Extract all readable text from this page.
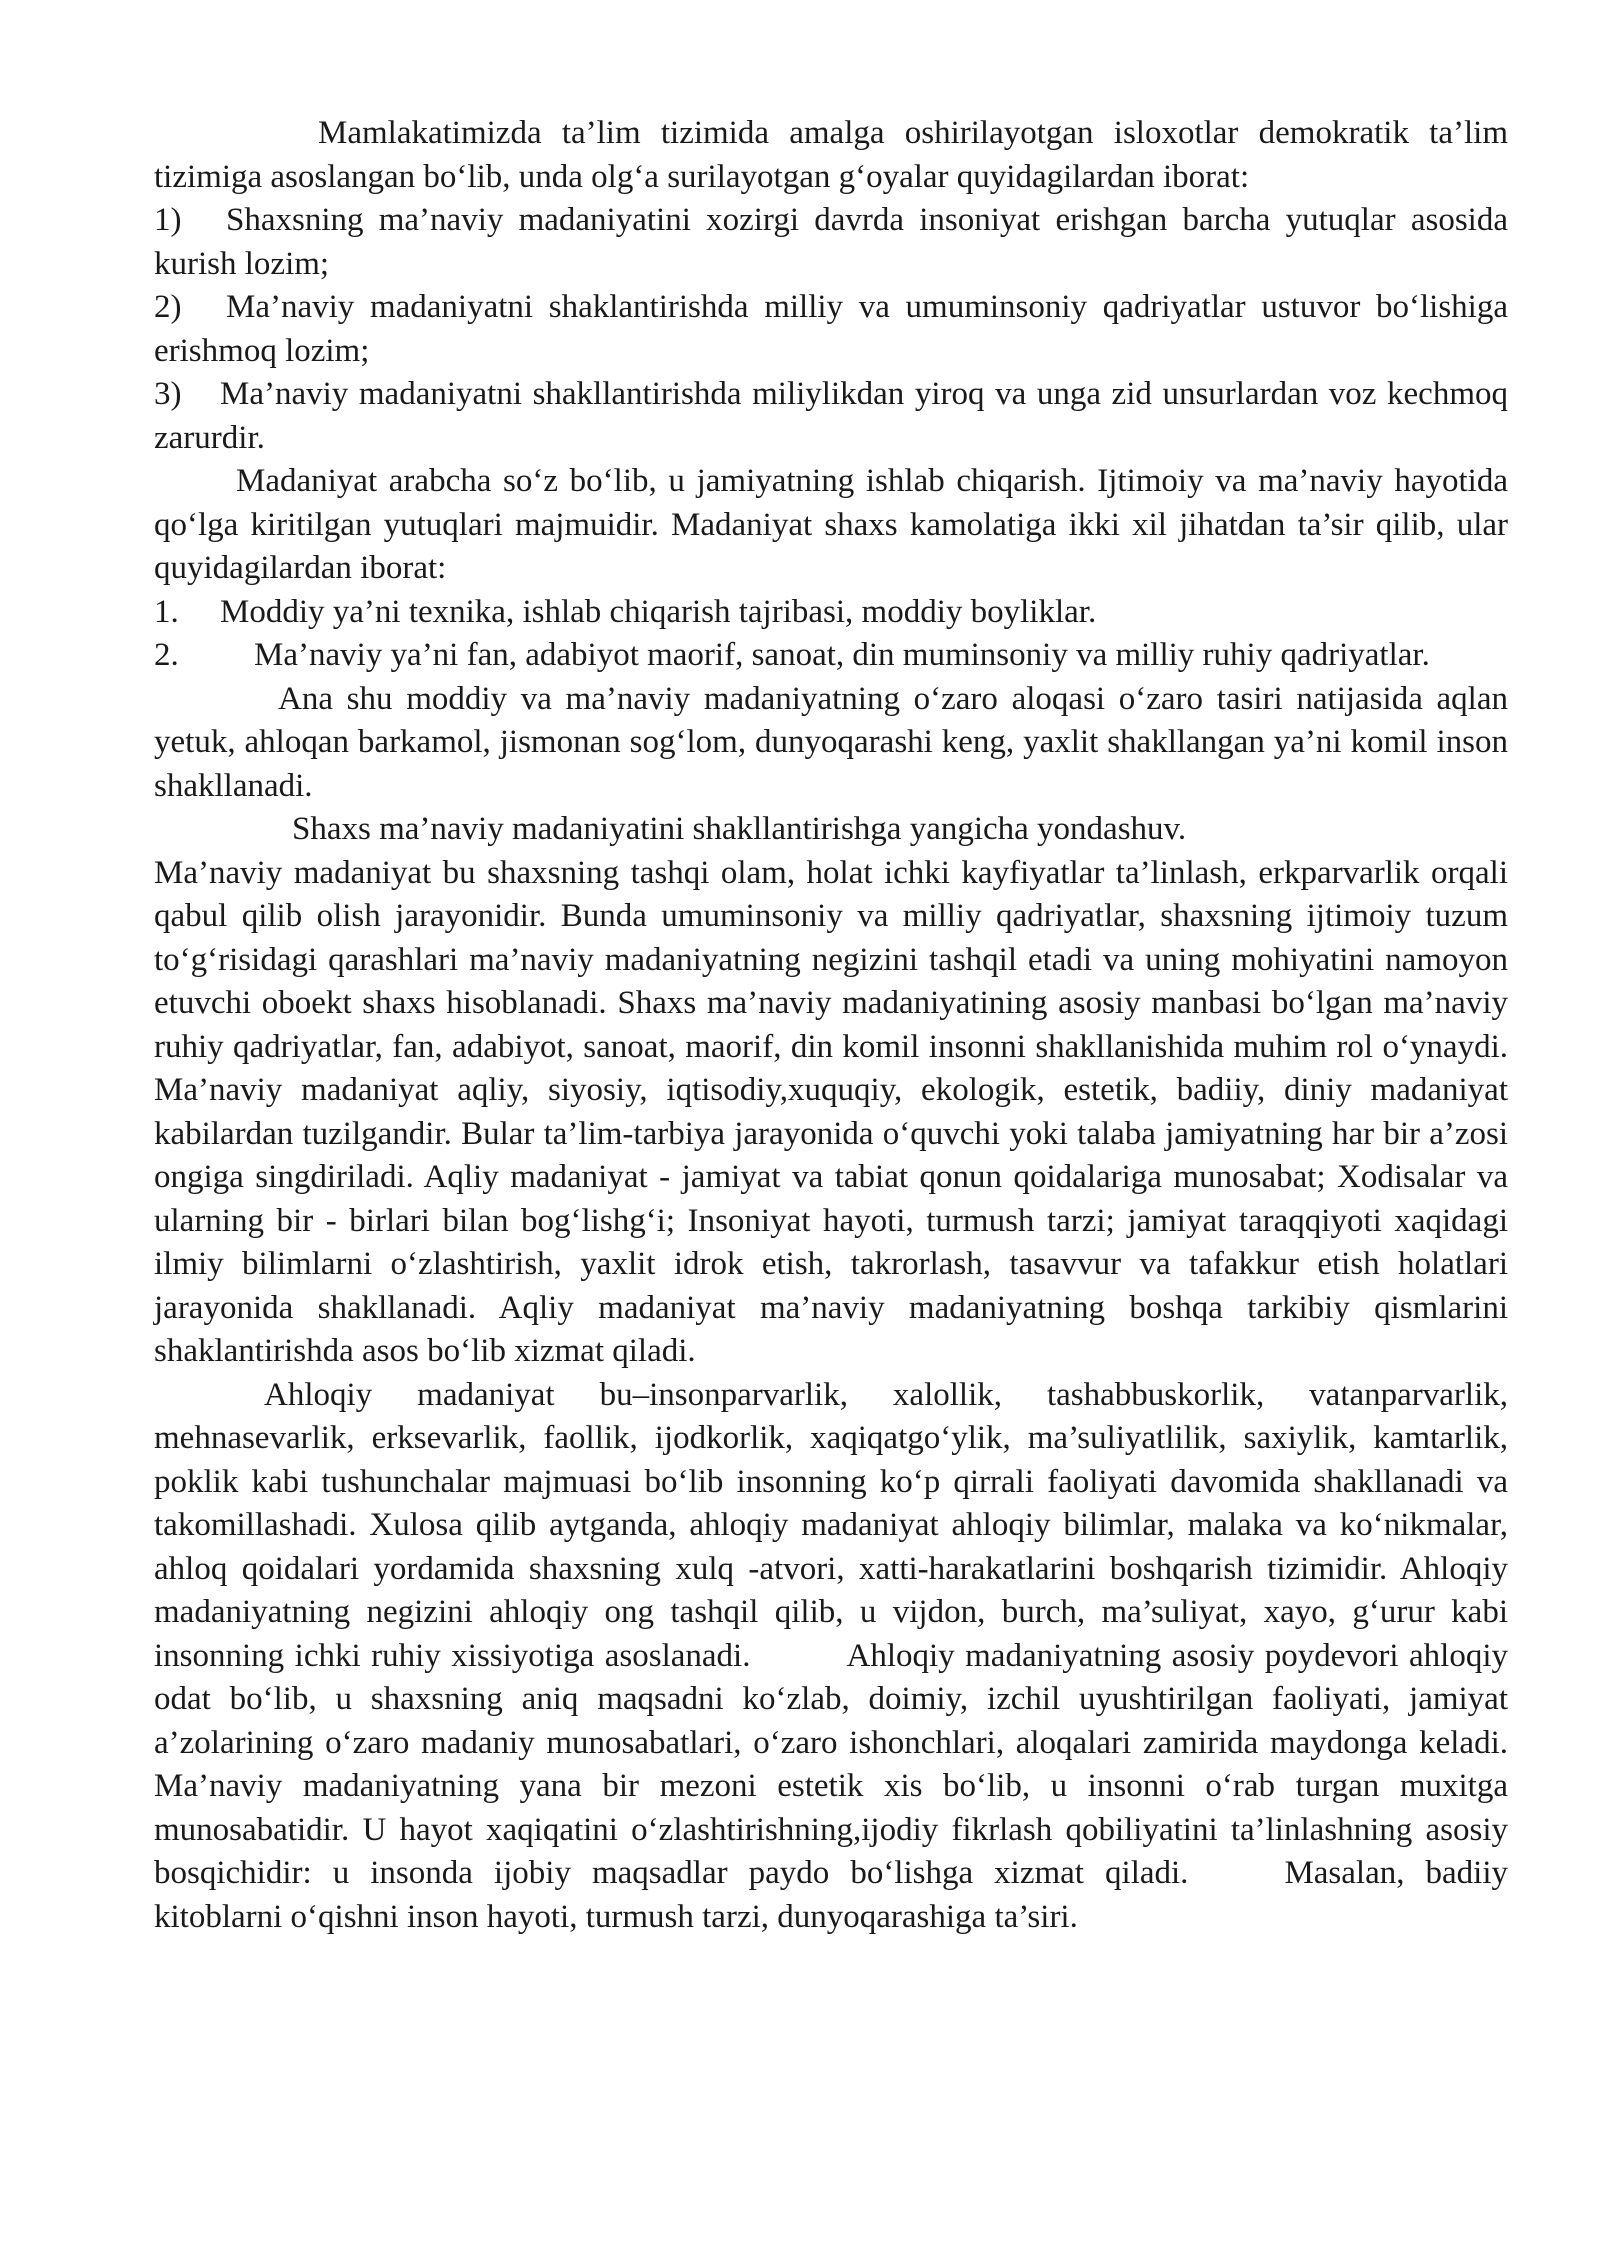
Mamlakatimizda ta’lim tizimida amalga oshirilayotgan isloxotlar demokratik ta’lim tizimiga asoslangan bo‘lib, unda olg‘a surilayotgan g‘oyalar quyidagilardan iborat:

1) Shaxsning ma’naviy madaniyatini xozirgi davrda insoniyat erishgan barcha yutuqlar asosida kurish lozim;

2) Ma’naviy madaniyatni shaklantirishda milliy va umuminsoniy qadriyatlar ustuvor bo‘lishiga erishmoq lozim;

3) Ma’naviy madaniyatni shakllantirishda miliylikdan yiroq va unga zid unsurlardan voz kechmoq zarurdir.

Madaniyat arabcha so‘z bo‘lib, u jamiyatning ishlab chiqarish. Ijtimoiy va ma’naviy hayotida qo‘lga kiritilgan yutuqlari majmuidir. Madaniyat shaxs kamolatiga ikki xil jihatdan ta’sir qilib, ular quyidagilardan iborat:

1. Moddiy ya’ni texnika, ishlab chiqarish tajribasi, moddiy boyliklar.

2. Ma’naviy ya’ni fan, adabiyot maorif, sanoat, din muminsoniy va milliy ruhiy qadriyatlar.

Ana shu moddiy va ma’naviy madaniyatning o‘zaro aloqasi o‘zaro tasiri natijasida aqlan yetuk, ahloqan barkamol, jismonan sog‘lom, dunyoqarashi keng, yaxlit shakllangan ya’ni komil inson shakllanadi.

Shaxs ma’naviy madaniyatini shakllantirishga yangicha yondashuv.

Ma’naviy madaniyat bu shaxsning tashqi olam, holat ichki kayfiyatlar ta’linlash, erkparvarlik orqali qabul qilib olish jarayonidir. Bunda umuminsoniy va milliy qadriyatlar, shaxsning ijtimoiy tuzum to‘g‘risidagi qarashlari ma’naviy madaniyatning negizini tashqil etadi va uning mohiyatini namoyon etuvchi oboekt shaxs hisoblanadi. Shaxs ma’naviy madaniyatining asosiy manbasi bo‘lgan ma’naviy ruhiy qadriyatlar, fan, adabiyot, sanoat, maorif, din komil insonni shakllanishida muhim rol o‘ynaydi. Ma’naviy madaniyat aqliy, siyosiy, iqtisodiy,xuquqiy, ekologik, estetik, badiiy, diniy madaniyat kabilardan tuzilgandir. Bular ta’lim-tarbiya jarayonida o‘quvchi yoki talaba jamiyatning har bir a’zosi ongiga singdiriladi. Aqliy madaniyat - jamiyat va tabiat qonun qoidalariga munosabat; Xodisalar va ularning bir - birlari bilan bog‘lishg‘i; Insoniyat hayoti, turmush tarzi; jamiyat taraqqiyoti xaqidagi ilmiy bilimlarni o‘zlashtirish, yaxlit idrok etish, takrorlash, tasavvur va tafakkur etish holatlari jarayonida shakllanadi. Aqliy madaniyat ma’naviy madaniyatning boshqa tarkibiy qismlarini shaklantirishda asos bo‘lib xizmat qiladi.

Ahloqiy madaniyat bu–insonparvarlik, xalollik, tashabbuskorlik, vatanparvarlik, mehnasevarlik, erksevarlik, faollik, ijodkorlik, xaqiqatgo‘ylik, ma’suliyatlilik, saxiylik, kamtarlik, poklik kabi tushunchalar majmuasi bo‘lib insonning ko‘p qirrali faoliyati davomida shakllanadi va takomillashadi. Xulosa qilib aytganda, ahloqiy madaniyat ahloqiy bilimlar, malaka va ko‘nikmalar, ahloq qoidalari yordamida shaxsning xulq -atvori, xatti-harakatlarini boshqarish tizimidir. Ahloqiy madaniyatning negizini ahloqiy ong tashqil qilib, u vijdon, burch, ma’suliyat, xayo, g‘urur kabi insonning ichki ruhiy xissiyotiga asoslanadi.	Ahloqiy madaniyatning asosiy poydevori ahloqiy odat bo‘lib, u shaxsning aniq maqsadni ko‘zlab, doimiy, izchil uyushtirilgan faoliyati, jamiyat a’zolarining o‘zaro madaniy munosabatlari, o‘zaro ishonchlari, aloqalari zamirida maydonga keladi. Ma’naviy madaniyatning yana bir mezoni estetik xis bo‘lib, u insonni o‘rab turgan muxitga munosabatidir. U hayot xaqiqatini o‘zlashtirishning,ijodiy fikrlash qobiliyatini ta’linlashning asosiy bosqichidir: u insonda ijobiy maqsadlar paydo bo‘lishga xizmat qiladi.	Masalan, badiiy kitoblarni o‘qishni inson hayoti, turmush tarzi, dunyoqarashiga ta’siri.
